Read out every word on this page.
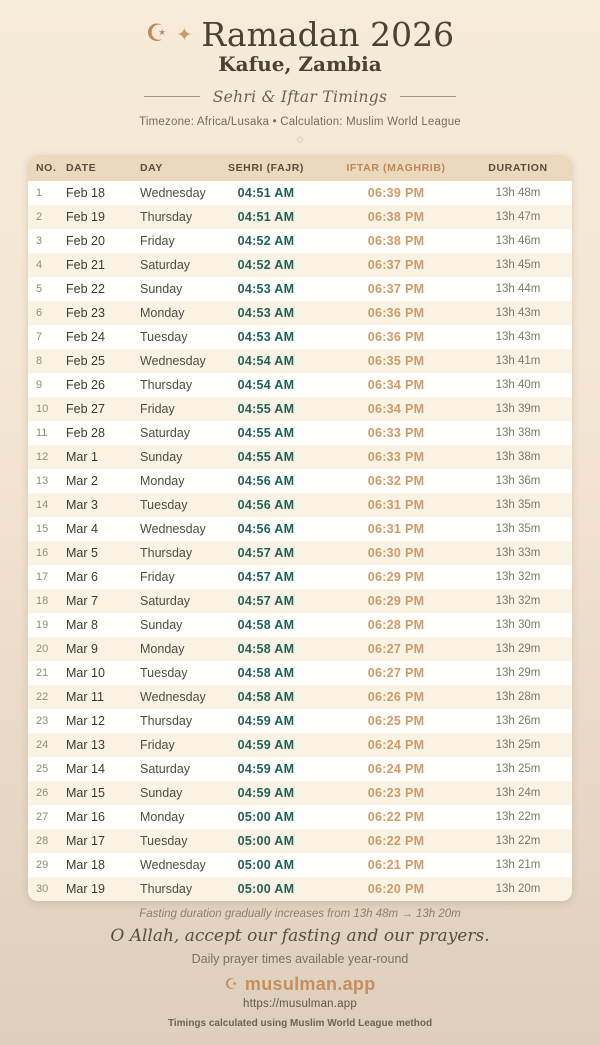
☪ ✦ Ramadan 2026
Kafue, Zambia
Sehri & Iftar Timings
Timezone: Africa/Lusaka • Calculation: Muslim World League
◇
NO. DATE	DAY	SEHRI (FAJR)	IFTAR (MAGHRIB)	DURATION
1	Feb 18	Wednesday	04:51 AM	06:39 PM	13h 48m
2	Feb 19	Thursday	04:51 AM	06:38 PM	13h 47m
3	Feb 20	Friday	04:52 AM	06:38 PM	13h 46m
4	Feb 21	Saturday	04:52 AM	06:37 PM	13h 45m
5	Feb 22	Sunday	04:53 AM	06:37 PM	13h 44m
6	Feb 23	Monday	04:53 AM	06:36 PM	13h 43m
7	Feb 24	Tuesday	04:53 AM	06:36 PM	13h 43m
8	Feb 25	Wednesday	04:54 AM	06:35 PM	13h 41m
9	Feb 26	Thursday	04:54 AM	06:34 PM	13h 40m
10	Feb 27	Friday	04:55 AM	06:34 PM	13h 39m
11	Feb 28	Saturday	04:55 AM	06:33 PM	13h 38m
12	Mar 1	Sunday	04:55 AM	06:33 PM	13h 38m
13	Mar 2	Monday	04:56 AM	06:32 PM	13h 36m
14	Mar 3	Tuesday	04:56 AM	06:31 PM	13h 35m
15	Mar 4	Wednesday	04:56 AM	06:31 PM	13h 35m
16	Mar 5	Thursday	04:57 AM	06:30 PM	13h 33m
17	Mar 6	Friday	04:57 AM	06:29 PM	13h 32m
18	Mar 7	Saturday	04:57 AM	06:29 PM	13h 32m
19	Mar 8	Sunday	04:58 AM	06:28 PM	13h 30m
20	Mar 9	Monday	04:58 AM	06:27 PM	13h 29m
21	Mar 10	Tuesday	04:58 AM	06:27 PM	13h 29m
22	Mar 11	Wednesday	04:58 AM	06:26 PM	13h 28m
23	Mar 12	Thursday	04:59 AM	06:25 PM	13h 26m
24	Mar 13	Friday	04:59 AM	06:24 PM	13h 25m
25	Mar 14	Saturday	04:59 AM	06:24 PM	13h 25m
26	Mar 15	Sunday	04:59 AM	06:23 PM	13h 24m
27	Mar 16	Monday	05:00 AM	06:22 PM	13h 22m
28	Mar 17	Tuesday	05:00 AM	06:22 PM	13h 22m
29	Mar 18	Wednesday	05:00 AM	06:21 PM	13h 21m
30	Mar 19	Thursday	05:00 AM	06:20 PM	13h 20m
Fasting duration gradually increases from 13h 48m → 13h 20m
O Allah, accept our fasting and our prayers.
Daily prayer times available year-round
☪ musulman.app
https://musulman.app
Timings calculated using Muslim World League method
